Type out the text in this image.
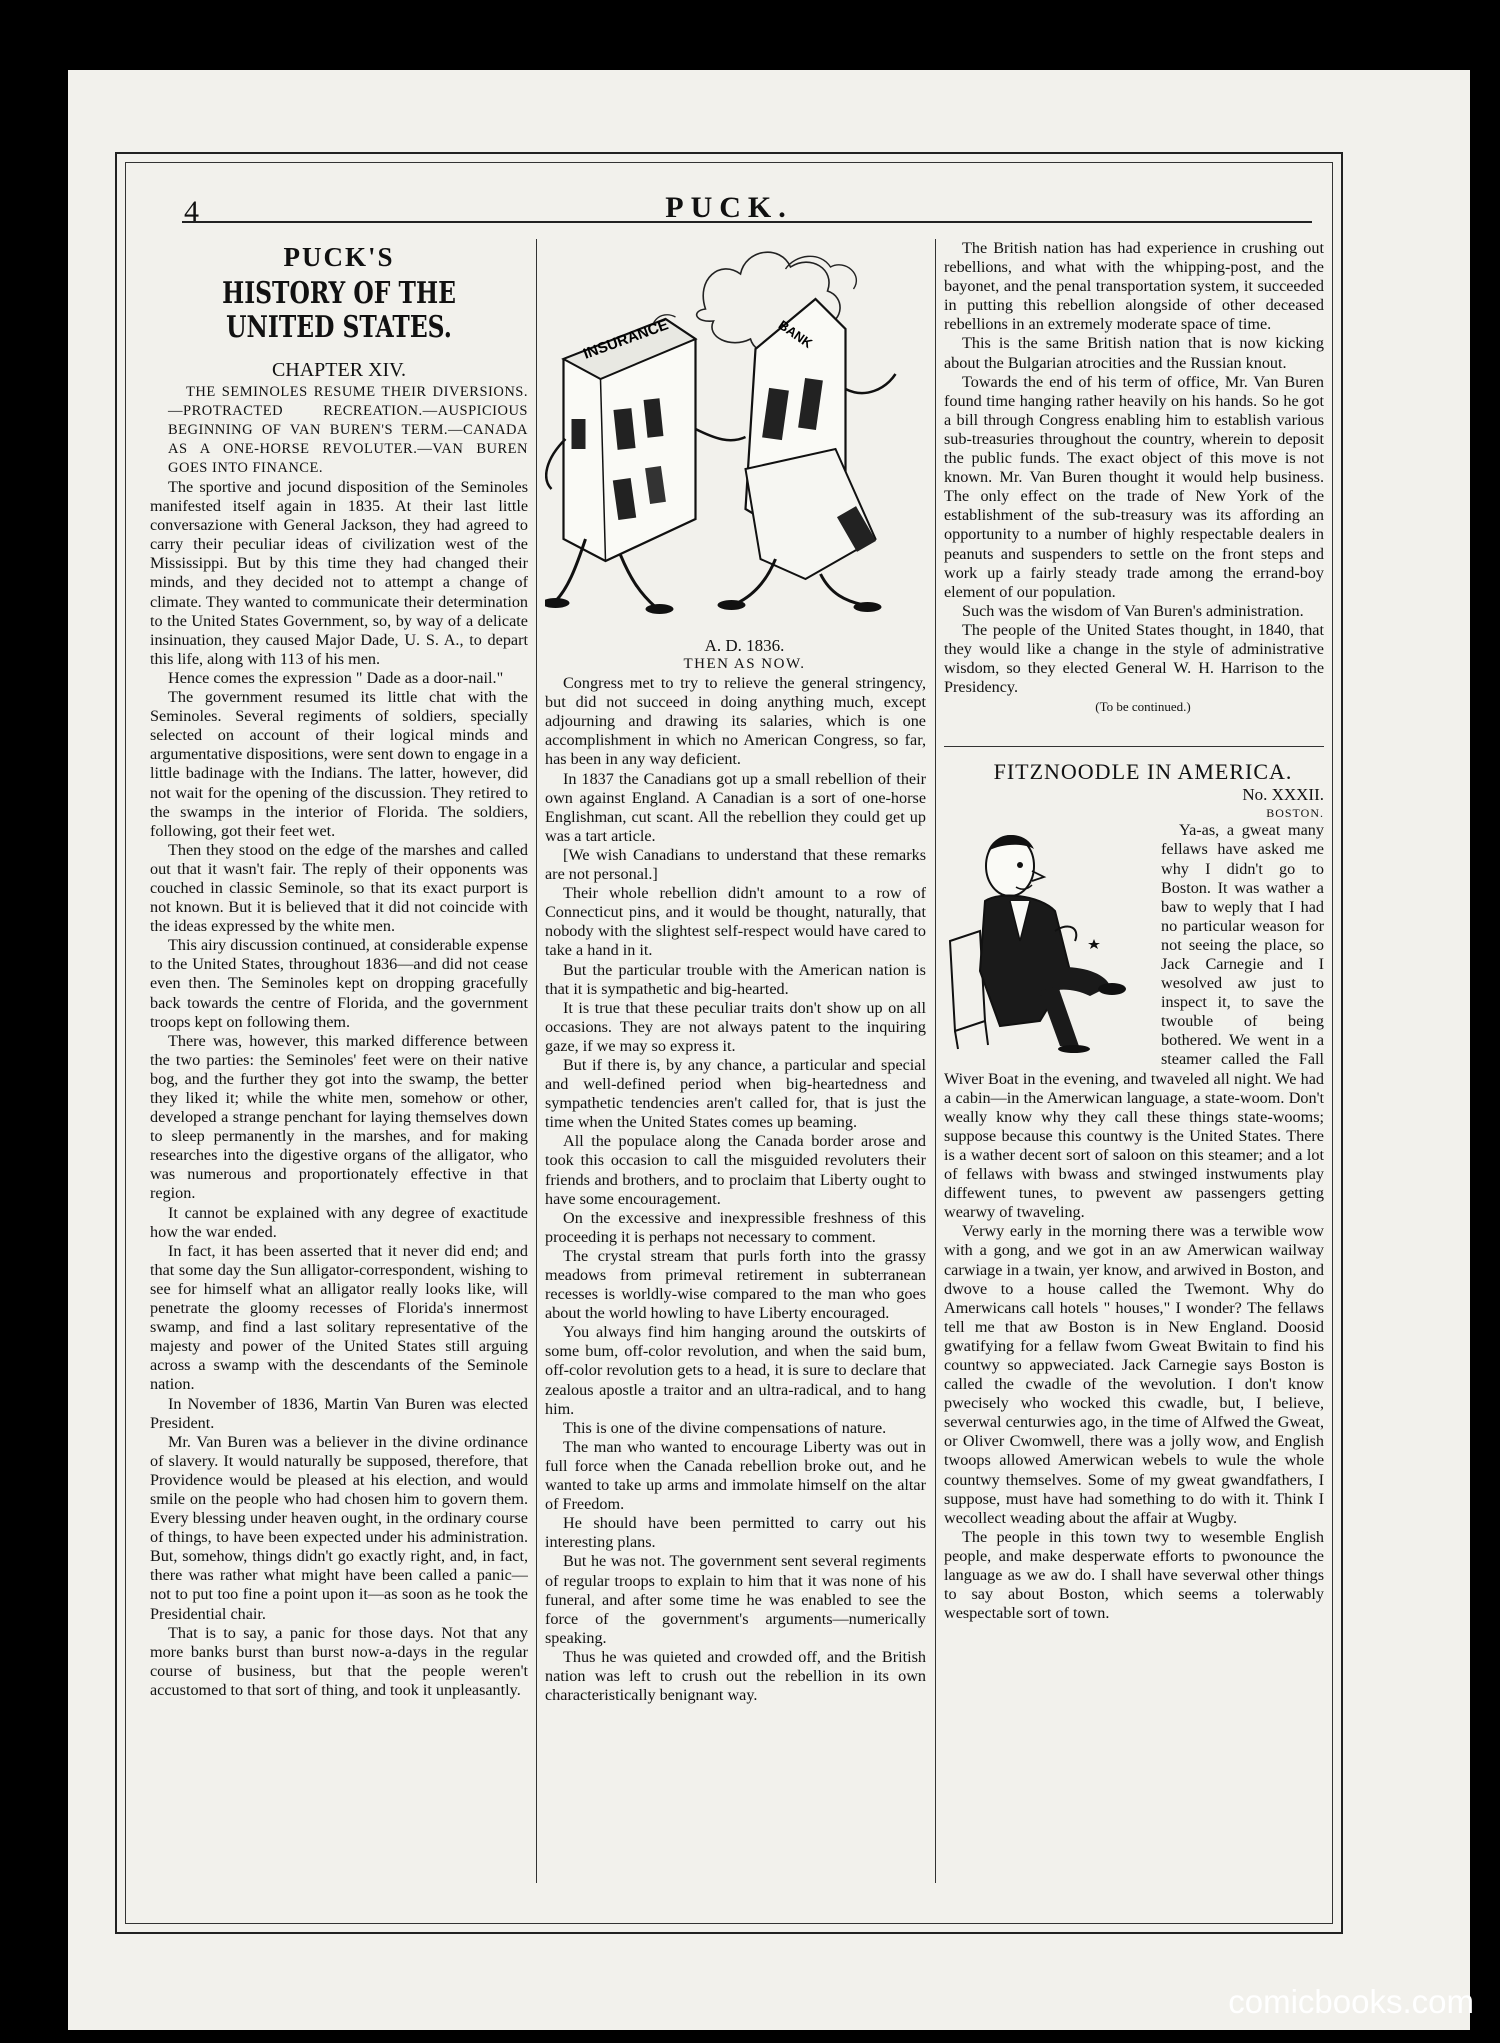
4	PUCK.
PUCK'S
HISTORY OF THE UNITED STATES.
CHAPTER XIV.

THE SEMINOLES RESUME THEIR DIVERSIONS.—PROTRACTED RECREATION.—AUSPICIOUS BEGINNING OF VAN BUREN'S TERM.—CANADA AS A ONE-HORSE REVOLUTER.—VAN BUREN GOES INTO FINANCE.

The sportive and jocund disposition of the Seminoles manifested itself again in 1835. At their last little conversazione with General Jackson, they had agreed to carry their peculiar ideas of civilization west of the Mississippi. But by this time they had changed their minds, and they decided not to attempt a change of climate. They wanted to communicate their determination to the United States Government, so, by way of a delicate insinuation, they caused Major Dade, U. S. A., to depart this life, along with 113 of his men.

Hence comes the expression " Dade as a door-nail."

The government resumed its little chat with the Seminoles. Several regiments of soldiers, specially selected on account of their logical minds and argumentative dispositions, were sent down to engage in a little badinage with the Indians. The latter, however, did not wait for the opening of the discussion. They retired to the swamps in the interior of Florida. The soldiers, following, got their feet wet.

Then they stood on the edge of the marshes and called out that it wasn't fair. The reply of their opponents was couched in classic Seminole, so that its exact purport is not known. But it is believed that it did not coincide with the ideas expressed by the white men.

This airy discussion continued, at considerable expense to the United States, throughout 1836—and did not cease even then. The Seminoles kept on dropping gracefully back towards the centre of Florida, and the government troops kept on following them.

There was, however, this marked difference between the two parties: the Seminoles' feet were on their native bog, and the further they got into the swamp, the better they liked it; while the white men, somehow or other, developed a strange penchant for laying themselves down to sleep permanently in the marshes, and for making researches into the digestive organs of the alligator, who was numerous and proportionately effective in that region.

It cannot be explained with any degree of exactitude how the war ended.

In fact, it has been asserted that it never did end; and that some day the Sun alligator-correspondent, wishing to see for himself what an alligator really looks like, will penetrate the gloomy recesses of Florida's innermost swamp, and find a last solitary representative of the majesty and power of the United States still arguing across a swamp with the descendants of the Seminole nation.

In November of 1836, Martin Van Buren was elected President.

Mr. Van Buren was a believer in the divine ordinance of slavery. It would naturally be supposed, therefore, that Providence would be pleased at his election, and would smile on the people who had chosen him to govern them. Every blessing under heaven ought, in the ordinary course of things, to have been expected under his administration. But, somehow, things didn't go exactly right, and, in fact, there was rather what might have been called a panic—not to put too fine a point upon it—as soon as he took the Presidential chair.

That is to say, a panic for those days. Not that any more banks burst than burst now-a-days in the regular course of business, but that the people weren't accustomed to that sort of thing, and took it unpleasantly.

INSURANCE	BANK

A. D. 1836.

THEN AS NOW.

Congress met to try to relieve the general stringency, but did not succeed in doing anything much, except adjourning and drawing its salaries, which is one accomplishment in which no American Congress, so far, has been in any way deficient.

In 1837 the Canadians got up a small rebellion of their own against England. A Canadian is a sort of one-horse Englishman, cut scant. All the rebellion they could get up was a tart article.

[We wish Canadians to understand that these remarks are not personal.]

Their whole rebellion didn't amount to a row of Connecticut pins, and it would be thought, naturally, that nobody with the slightest self-respect would have cared to take a hand in it.

But the particular trouble with the American nation is that it is sympathetic and big-hearted.

It is true that these peculiar traits don't show up on all occasions. They are not always patent to the inquiring gaze, if we may so express it.

But if there is, by any chance, a particular and special and well-defined period when big-heartedness and sympathetic tendencies aren't called for, that is just the time when the United States comes up beaming.

All the populace along the Canada border arose and took this occasion to call the misguided revoluters their friends and brothers, and to proclaim that Liberty ought to have some encouragement.

On the excessive and inexpressible freshness of this proceeding it is perhaps not necessary to comment.

The crystal stream that purls forth into the grassy meadows from primeval retirement in subterranean recesses is worldly-wise compared to the man who goes about the world howling to have Liberty encouraged.

You always find him hanging around the outskirts of some bum, off-color revolution, and when the said bum, off-color revolution gets to a head, it is sure to declare that zealous apostle a traitor and an ultra-radical, and to hang him.

This is one of the divine compensations of nature.

The man who wanted to encourage Liberty was out in full force when the Canada rebellion broke out, and he wanted to take up arms and immolate himself on the altar of Freedom.

He should have been permitted to carry out his interesting plans.

But he was not. The government sent several regiments of regular troops to explain to him that it was none of his funeral, and after some time he was enabled to see the force of the government's arguments—numerically speaking.

Thus he was quieted and crowded off, and the British nation was left to crush out the rebellion in its own characteristically benignant way.

The British nation has had experience in crushing out rebellions, and what with the whipping-post, and the bayonet, and the penal transportation system, it succeeded in putting this rebellion alongside of other deceased rebellions in an extremely moderate space of time.

This is the same British nation that is now kicking about the Bulgarian atrocities and the Russian knout.

Towards the end of his term of office, Mr. Van Buren found time hanging rather heavily on his hands. So he got a bill through Congress enabling him to establish various sub-treasuries throughout the country, wherein to deposit the public funds. The exact object of this move is not known. Mr. Van Buren thought it would help business. The only effect on the trade of New York of the establishment of the sub-treasury was its affording an opportunity to a number of highly respectable dealers in peanuts and suspenders to settle on the front steps and work up a fairly steady trade among the errand-boy element of our population.

Such was the wisdom of Van Buren's administration.

The people of the United States thought, in 1840, that they would like a change in the style of administrative wisdom, so they elected General W. H. Harrison to the Presidency.

(To be continued.)

FITZNOODLE IN AMERICA.

No. XXXII.

BOSTON.

Ya-as, a gweat many fellaws have asked me why I didn't go to Boston. It was wather a baw to weply that I had no particular weason for not seeing the place, so Jack Carnegie and I wesolved aw just to inspect it, to save the twouble of being bothered. We went in a steamer called the Fall Wiver Boat in the evening, and twaveled all night. We had a cabin—in the Amerwican language, a state-woom. Don't weally know why they call these things state-wooms; suppose because this countwy is the United States. There is a wather decent sort of saloon on this steamer; and a lot of fellaws with bwass and stwinged instwuments play diffewent tunes, to pwevent aw passengers getting wearwy of twaveling.

Verwy early in the morning there was a terwible wow with a gong, and we got in an aw Amerwican wailway carwiage in a twain, yer know, and arwived in Boston, and dwove to a house called the Twemont. Why do Amerwicans call hotels " houses," I wonder? The fellaws tell me that aw Boston is in New England. Doosid gwatifying for a fellaw fwom Gweat Bwitain to find his countwy so appweciated. Jack Carnegie says Boston is called the cwadle of the wevolution. I don't know pwecisely who wocked this cwadle, but, I believe, severwal centurwies ago, in the time of Alfwed the Gweat, or Oliver Cwomwell, there was a jolly wow, and English twoops allowed Amerwican webels to wule the whole countwy themselves. Some of my gweat gwandfathers, I suppose, must have had something to do with it. Think I wecollect weading about the affair at Wugby.

The people in this town twy to wesemble English people, and make desperwate efforts to pwonounce the language as we aw do. I shall have severwal other things to say about Boston, which seems a tolerwably wespectable sort of town.

comicbooks.com
